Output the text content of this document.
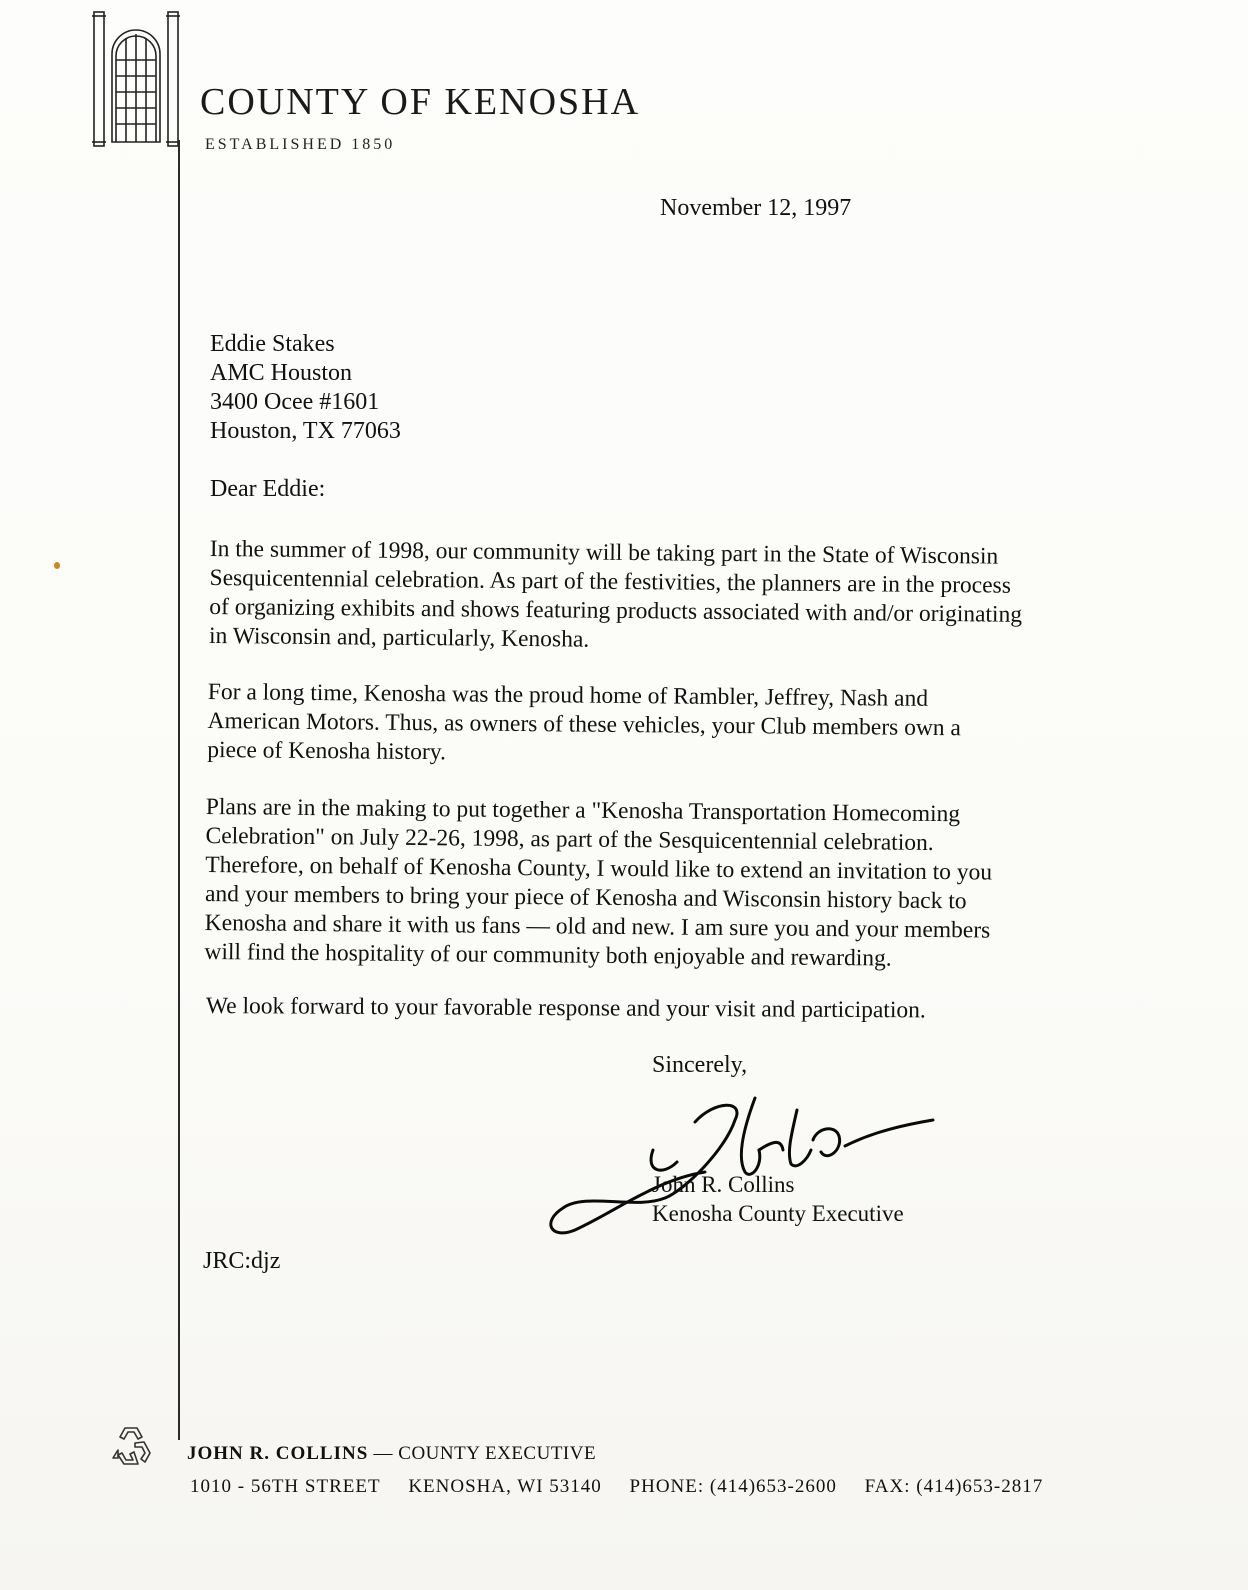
COUNTY OF KENOSHA
ESTABLISHED 1850
November 12, 1997
Eddie Stakes
AMC Houston
3400 Ocee #1601
Houston, TX 77063
Dear Eddie:
In the summer of 1998, our community will be taking part in the State of Wisconsin
Sesquicentennial celebration. As part of the festivities, the planners are in the process
of organizing exhibits and shows featuring products associated with and/or originating
in Wisconsin and, particularly, Kenosha.
For a long time, Kenosha was the proud home of Rambler, Jeffrey, Nash and
American Motors. Thus, as owners of these vehicles, your Club members own a
piece of Kenosha history.
Plans are in the making to put together a "Kenosha Transportation Homecoming
Celebration" on July 22-26, 1998, as part of the Sesquicentennial celebration.
Therefore, on behalf of Kenosha County, I would like to extend an invitation to you
and your members to bring your piece of Kenosha and Wisconsin history back to
Kenosha and share it with us fans — old and new. I am sure you and your members
will find the hospitality of our community both enjoyable and rewarding.
We look forward to your favorable response and your visit and participation.
Sincerely,
John R. Collins
Kenosha County Executive
JRC:djz
JOHN R. COLLINS — COUNTY EXECUTIVE
1010 - 56TH STREET KENOSHA, WI 53140 PHONE: (414)653-2600 FAX: (414)653-2817
